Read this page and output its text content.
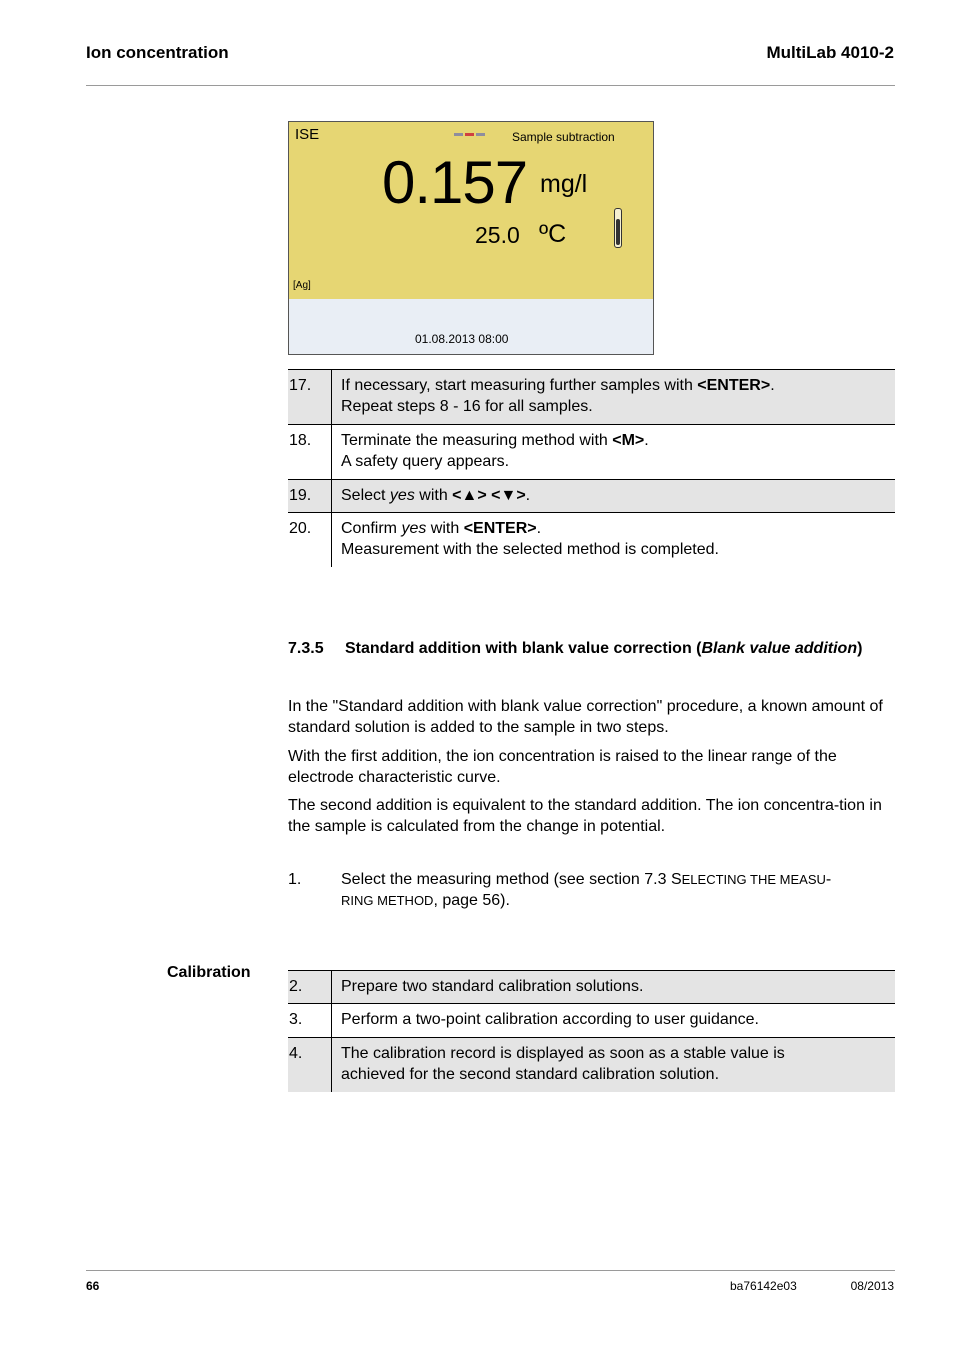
Ion concentration	MultiLab 4010-2
ISE	Sample subtraction
0.157 mg/l
25.0 ºC
[Ag]
01.08.2013 08:00
17.	If necessary, start measuring further samples with <ENTER>.
Repeat steps 8 - 16 for all samples.
18.	Terminate the measuring method with <M>.
A safety query appears.
19.	Select yes with <▲> <▼>.
20.	Confirm yes with <ENTER>.
Measurement with the selected method is completed.
7.3.5 Standard addition with blank value correction (Blank value addition)
In the "Standard addition with blank value correction" procedure, a known amount of standard solution is added to the sample in two steps.
With the first addition, the ion concentration is raised to the linear range of the electrode characteristic curve.
The second addition is equivalent to the standard addition. The ion concentra-tion in the sample is calculated from the change in potential.
1. Select the measuring method (see section 7.3 SELECTING THE MEASU-
RING METHOD, page 56).
Calibration
2.	Prepare two standard calibration solutions.
3.	Perform a two-point calibration according to user guidance.
4.	The calibration record is displayed as soon as a stable value is
achieved for the second standard calibration solution.
66	ba76142e03	08/2013
